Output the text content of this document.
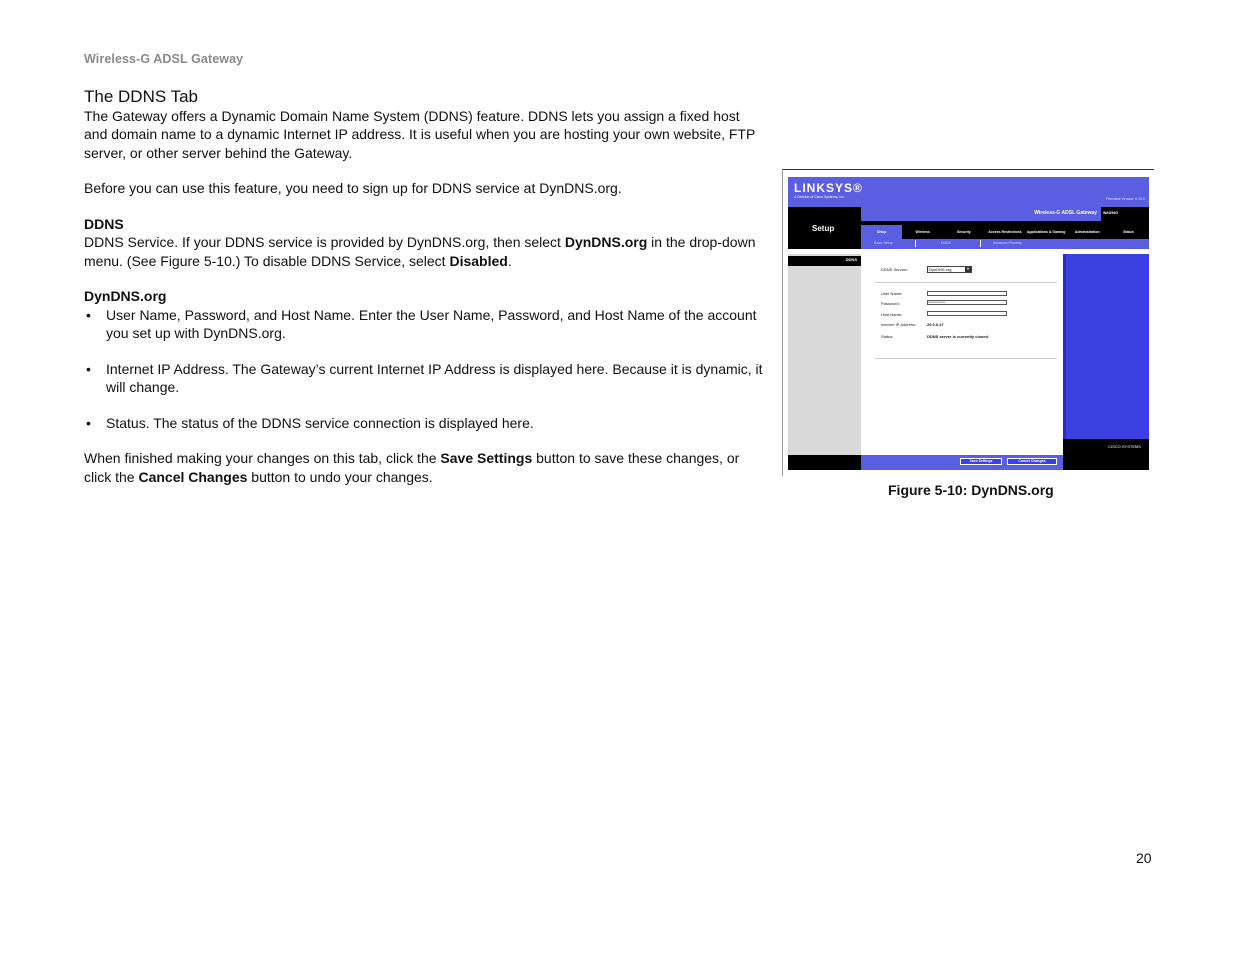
Wireless-G ADSL Gateway

The DDNS Tab

The Gateway offers a Dynamic Domain Name System (DDNS) feature. DDNS lets you assign a fixed host and domain name to a dynamic Internet IP address. It is useful when you are hosting your own website, FTP server, or other server behind the Gateway.

Before you can use this feature, you need to sign up for DDNS service at DynDNS.org.

DDNS

DDNS Service. If your DDNS service is provided by DynDNS.org, then select DynDNS.org in the drop-down menu. (See Figure 5-10.) To disable DDNS Service, select Disabled.

DynDNS.org

• User Name, Password, and Host Name. Enter the User Name, Password, and Host Name of the account you set up with DynDNS.org.
• Internet IP Address. The Gateway’s current Internet IP Address is displayed here. Because it is dynamic, it will change.
• Status. The status of the DDNS service connection is displayed here.

When finished making your changes on this tab, click the Save Settings button to save these changes, or click the Cancel Changes button to undo your changes.

LINKSYS®
A Division of Cisco Systems, Inc.	Firmware Version: 0.10.0
Setup
Wireless-G ADSL Gateway WAG54G
Setup	Wireless	Security	Access Restrictions	Applications & Gaming	Administration	Status
Basic Setup	DDNS	Advanced Routing
DDNS
DDNS Service:	DynDNS.org	▼
User Name:
Password:	••••••••••••••••
Host Name:
Internet IP Address:	20.0.0.47
Status:	DDNS server is currently closed.
CISCO SYSTEMS
Save Settings	Cancel Changes
Figure 5-10: DynDNS.org
20
